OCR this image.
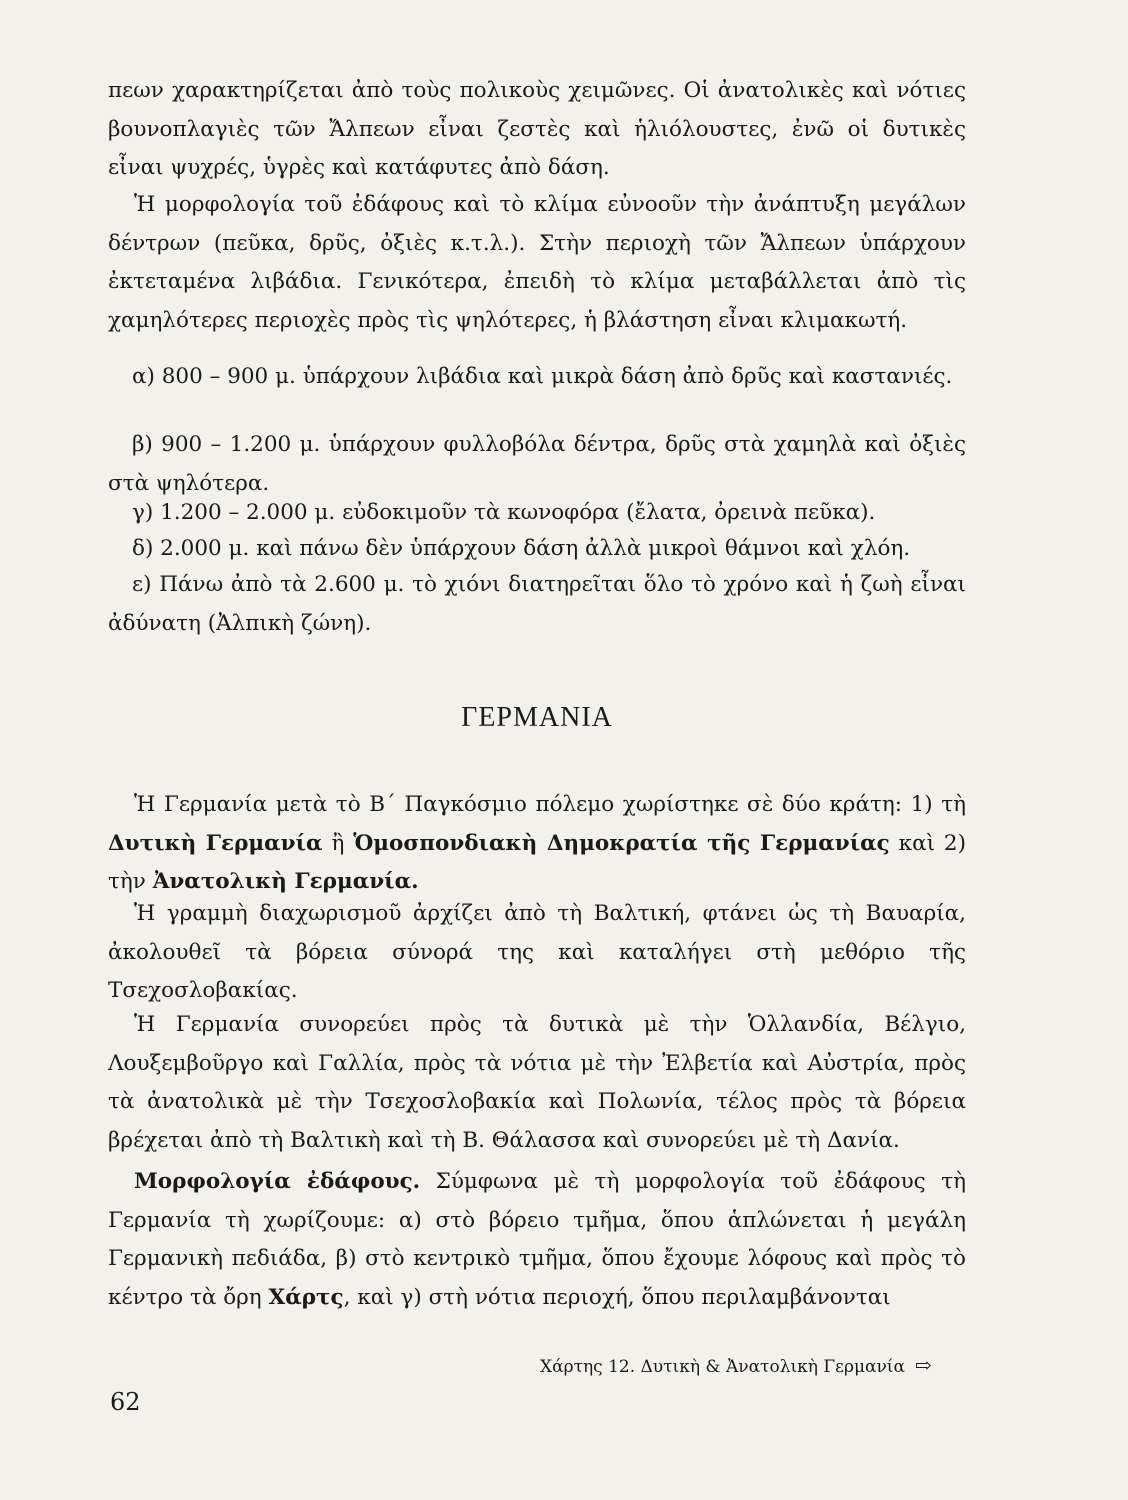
πεων χαρακτηρίζεται ἀπὸ τοὺς πολικοὺς χειμῶνες. Οἱ ἀνατολικὲς καὶ νότιες βουνοπλαγιὲς τῶν Ἄλπεων εἶναι ζεστὲς καὶ ἡλιόλουστες, ἐνῶ οἱ δυτικὲς εἶναι ψυχρές, ὑγρὲς καὶ κατάφυτες ἀπὸ δάση.

Ἡ μορφολογία τοῦ ἐδάφους καὶ τὸ κλίμα εὐνοοῦν τὴν ἀνάπτυξη μεγάλων δέντρων (πεῦκα, δρῦς, ὀξιὲς κ.τ.λ.). Στὴν περιοχὴ τῶν Ἄλπεων ὑπάρχουν ἐκτεταμένα λιβάδια. Γενικότερα, ἐπειδὴ τὸ κλίμα μεταβάλλεται ἀπὸ τὶς χαμηλότερες περιοχὲς πρὸς τὶς ψηλότερες, ἡ βλάστηση εἶναι κλιμακωτή.

α) 800 – 900 μ. ὑπάρχουν λιβάδια καὶ μικρὰ δάση ἀπὸ δρῦς καὶ καστανιές.

β) 900 – 1.200 μ. ὑπάρχουν φυλλοβόλα δέντρα, δρῦς στὰ χαμηλὰ καὶ ὀξιὲς στὰ ψηλότερα.

γ) 1.200 – 2.000 μ. εὐδοκιμοῦν τὰ κωνοφόρα (ἔλατα, ὀρεινὰ πεῦκα).

δ) 2.000 μ. καὶ πάνω δὲν ὑπάρχουν δάση ἀλλὰ μικροὶ θάμνοι καὶ χλόη.

ε) Πάνω ἀπὸ τὰ 2.600 μ. τὸ χιόνι διατηρεῖται ὅλο τὸ χρόνο καὶ ἡ ζωὴ εἶναι ἀδύνατη (Ἀλπικὴ ζώνη).

ΓΕΡΜΑΝΙΑ

Ἡ Γερμανία μετὰ τὸ Β΄ Παγκόσμιο πόλεμο χωρίστηκε σὲ δύο κράτη: 1) τὴ Δυτικὴ Γερμανία ἢ Ὁμοσπονδιακὴ Δημοκρατία τῆς Γερμανίας καὶ 2) τὴν Ἀνατολικὴ Γερμανία.

Ἡ γραμμὴ διαχωρισμοῦ ἀρχίζει ἀπὸ τὴ Βαλτική, φτάνει ὡς τὴ Βαυαρία, ἀκολουθεῖ τὰ βόρεια σύνορά της καὶ καταλήγει στὴ μεθόριο τῆς Τσεχοσλοβακίας.

Ἡ Γερμανία συνορεύει πρὸς τὰ δυτικὰ μὲ τὴν Ὁλλανδία, Βέλγιο, Λουξεμβοῦργο καὶ Γαλλία, πρὸς τὰ νότια μὲ τὴν Ἐλβετία καὶ Αὐστρία, πρὸς τὰ ἀνατολικὰ μὲ τὴν Τσεχοσλοβακία καὶ Πολωνία, τέλος πρὸς τὰ βόρεια βρέχεται ἀπὸ τὴ Βαλτικὴ καὶ τὴ Β. Θάλασσα καὶ συνορεύει μὲ τὴ Δανία.

Μορφολογία ἐδάφους. Σύμφωνα μὲ τὴ μορφολογία τοῦ ἐδάφους τὴ Γερμανία τὴ χωρίζουμε: α) στὸ βόρειο τμῆμα, ὅπου ἁπλώνεται ἡ μεγάλη Γερμανικὴ πεδιάδα, β) στὸ κεντρικὸ τμῆμα, ὅπου ἔχουμε λόφους καὶ πρὸς τὸ κέντρο τὰ ὄρη Χάρτς, καὶ γ) στὴ νότια περιοχή, ὅπου περιλαμβάνονται

Χάρτης 12. Δυτικὴ & Ἀνατολικὴ Γερμανία ⇨
62
